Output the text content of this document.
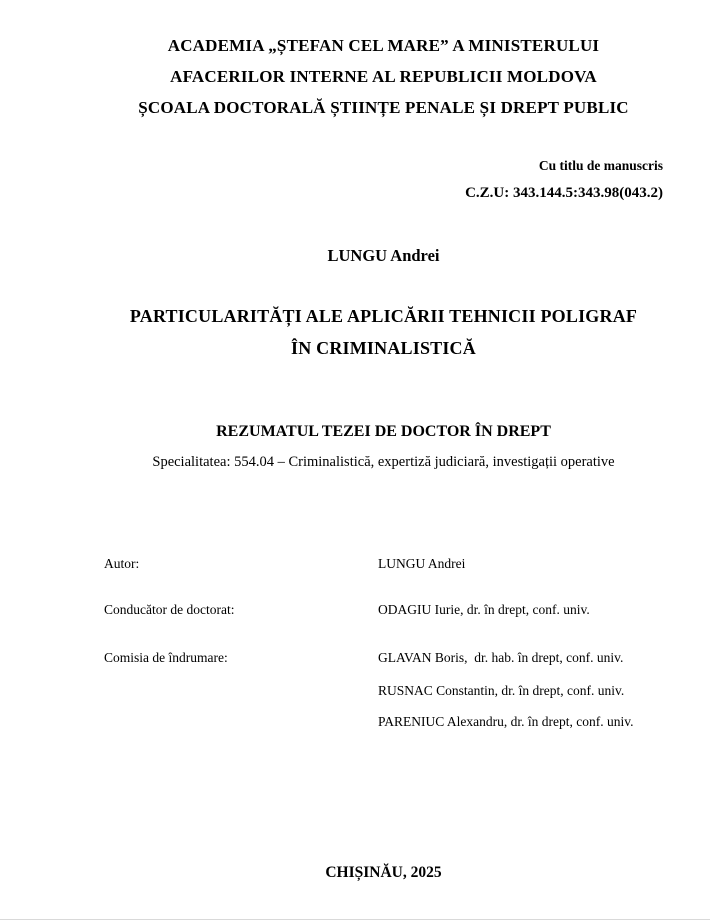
ACADEMIA „ȘTEFAN CEL MARE” A MINISTERULUI
AFACERILOR INTERNE AL REPUBLICII MOLDOVA
ȘCOALA DOCTORALĂ ȘTIINȚE PENALE ȘI DREPT PUBLIC
Cu titlu de manuscris
C.Z.U: 343.144.5:343.98(043.2)
LUNGU Andrei
PARTICULARITĂȚI ALE APLICĂRII TEHNICII POLIGRAF
ÎN CRIMINALISTICĂ
REZUMATUL TEZEI DE DOCTOR ÎN DREPT
Specialitatea: 554.04 – Criminalistică, expertiză judiciară, investigații operative
Autor:	LUNGU Andrei
Conducător de doctorat:	ODAGIU Iurie, dr. în drept, conf. univ.
Comisia de îndrumare:	GLAVAN Boris,  dr. hab. în drept, conf. univ.
RUSNAC Constantin, dr. în drept, conf. univ.
PARENIUC Alexandru, dr. în drept, conf. univ.
CHIȘINĂU, 2025
